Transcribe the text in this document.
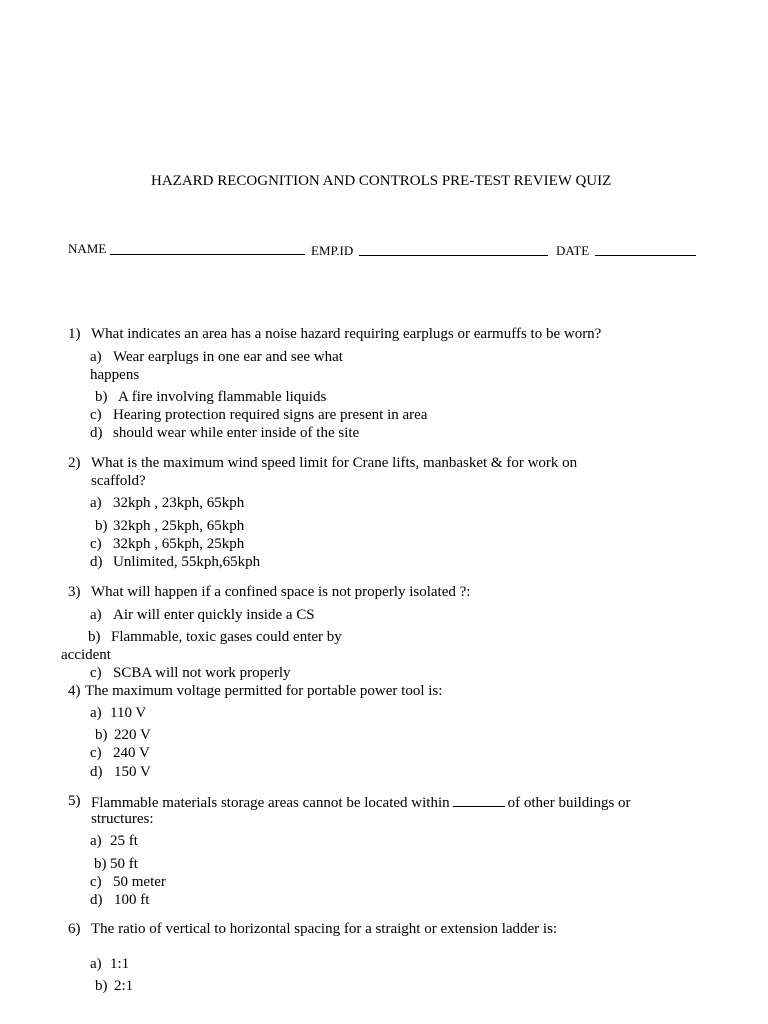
HAZARD RECOGNITION AND CONTROLS PRE-TEST REVIEW QUIZ
NAME	EMP.ID	DATE
1) What indicates an area has a noise hazard requiring earplugs or earmuffs to be worn?
a) Wear earplugs in one ear and see what
happens
b) A fire involving flammable liquids
c) Hearing protection required signs are present in area
d) should wear while enter inside of the site
2) What is the maximum wind speed limit for Crane lifts, manbasket & for work on
scaffold?
a) 32kph , 23kph, 65kph
b) 32kph , 25kph, 65kph
c) 32kph , 65kph, 25kph
d) Unlimited, 55kph,65kph
3) What will happen if a confined space is not properly isolated ?:
a) Air will enter quickly inside a CS
b) Flammable, toxic gases could enter by
accident
c) SCBA will not work properly
4) The maximum voltage permitted for portable power tool is:
a) 110 V
b) 220 V
c) 240 V
d) 150 V
5) Flammable materials storage areas cannot be located within	of other buildings or
structures:
a) 25 ft
b) 50 ft
c) 50 meter
d) 100 ft
6) The ratio of vertical to horizontal spacing for a straight or extension ladder is:
a) 1:1
b) 2:1
